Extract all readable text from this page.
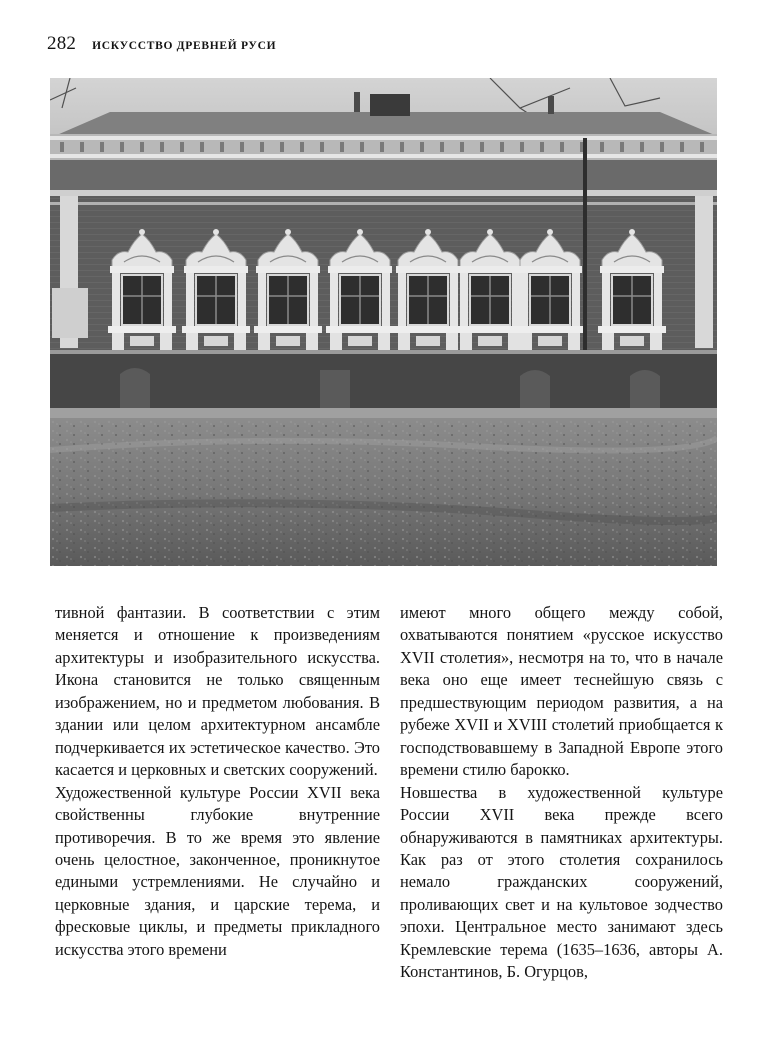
282 ИСКУССТВО ДРЕВНЕЙ РУСИ

тивной фантазии. В соответствии с этим меняется и отношение к произведениям архитектуры и изобразительного искусства. Икона становится не только священным изображением, но и предметом любования. В здании или целом архитектурном ансамбле подчеркивается их эстетическое качество. Это касается и церковных и светских сооружений.

Художественной культуре России XVII века свойственны глубокие внутренние противоречия. В то же время это явление очень целостное, законченное, проникнутое едиными устремлениями. Не случайно и церковные здания, и царские терема, и фресковые циклы, и предметы прикладного искусства этого времени

имеют много общего между собой, охватываются понятием «русское искусство XVII столетия», несмотря на то, что в начале века оно еще имеет теснейшую связь с предшествующим периодом развития, а на рубеже XVII и XVIII столетий приобщается к господствовавшему в Западной Европе этого времени стилю барокко.

Новшества в художественной культуре России XVII века прежде всего обнаруживаются в памятниках архитектуры. Как раз от этого столетия сохранилось немало гражданских сооружений, проливающих свет и на культовое зодчество эпохи. Центральное место занимают здесь Кремлевские терема (1635–1636, авторы А. Константинов, Б. Огурцов,
